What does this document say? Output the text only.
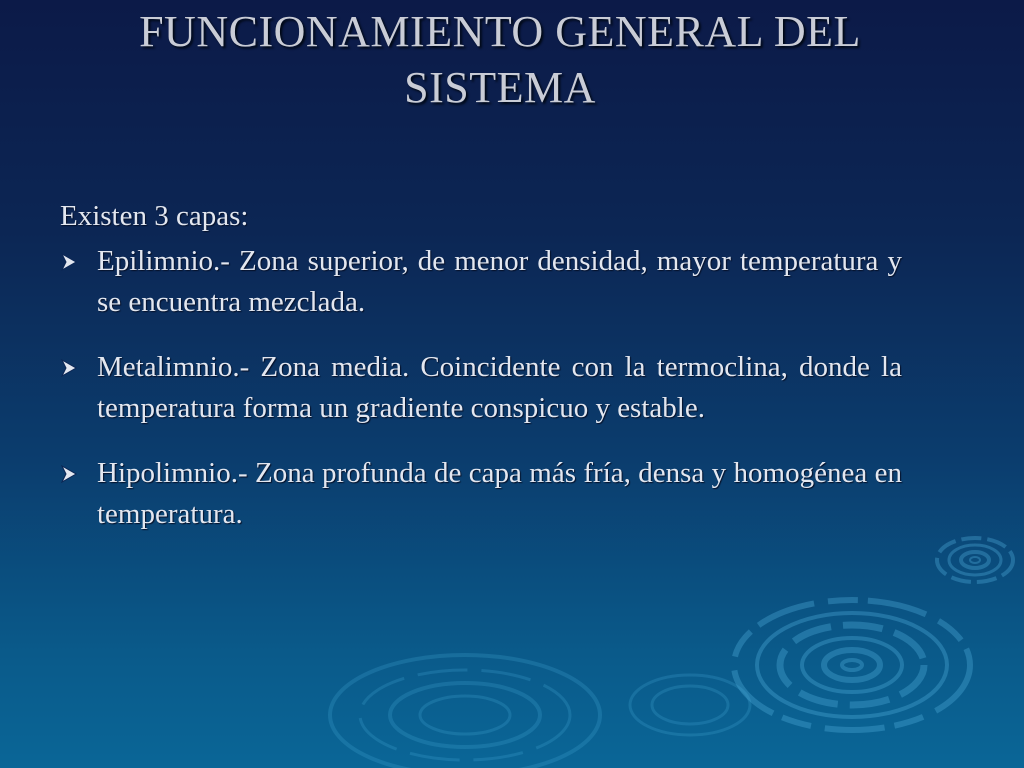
FUNCIONAMIENTO GENERAL DEL
SISTEMA
Existen 3 capas:
Epilimnio.- Zona superior, de menor densidad, mayor temperatura y se encuentra mezclada.
Metalimnio.- Zona media. Coincidente con la termoclina, donde la temperatura forma un gradiente conspicuo y estable.
Hipolimnio.- Zona profunda de capa más fría, densa y homogénea en temperatura.
